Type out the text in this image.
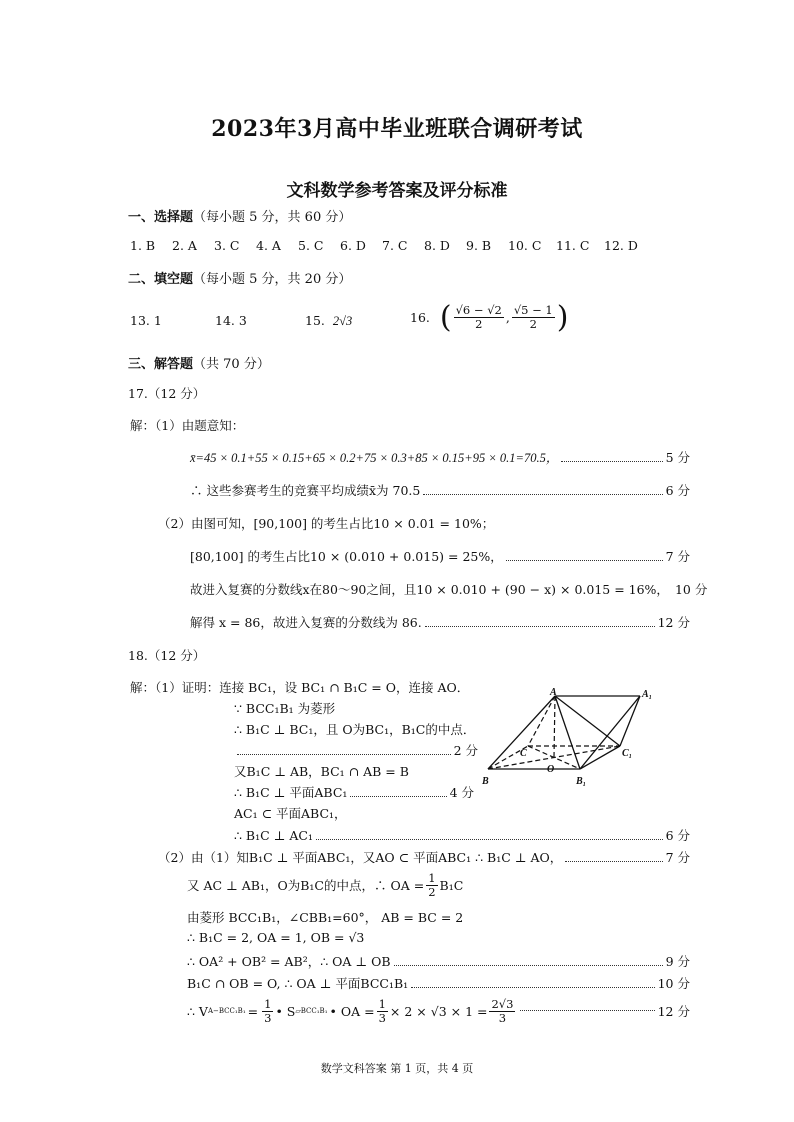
2023年3月高中毕业班联合调研考试
文科数学参考答案及评分标准
一、选择题（每小题 5 分，共 60 分）
1. B	2. A	3. C	4. A	5. C	6. D	7. C	8. D	9. B	10. C	11. C	12. D
二、填空题（每小题 5 分，共 20 分）
13. 1	14. 3	15. 2√3	16. ( $\frac{√6 - √2}{2}$ , $\frac{√5 - 1}{2}$ )
三、解答题（共 70 分）
17.（12 分）
解：（1）由题意知：
x̄=45 × 0.1+55 × 0.15+65 × 0.2+75 × 0.3+85 × 0.15+95 × 0.1=70.5，	5 分
∴ 这些参赛考生的竞赛平均成绩x̄为 70.5	6 分
（2）由图可知，[90,100] 的考生占比10 × 0.01 = 10%；
[80,100] 的考生占比10 × (0.010 + 0.015) = 25%，	7 分
故进入复赛的分数线x在80～90之间，且10 × 0.010 + (90 − x) × 0.015 = 16%， 10 分
解得 x = 86，故进入复赛的分数线为 86.	12 分
18.（12 分）
解：（1）证明：连接 BC₁，设 BC₁ ∩ B₁C = O，连接 AO．
∵ BCC₁B₁ 为菱形
∴ B₁C ⊥ BC₁，且 O为BC₁，B₁C的中点．
2 分
又B₁C ⊥ AB，BC₁ ∩ AB = B
∴ B₁C ⊥ 平面ABC₁	4 分
AC₁ ⊂ 平面ABC₁，
∴ B₁C ⊥ AC₁	6 分
A	A₁
B	B₁
C	C₁
O
（2）由（1）知B₁C ⊥ 平面ABC₁，又AO ⊂ 平面ABC₁ ∴ B₁C ⊥ AO，	7 分
又 AC ⊥ AB₁，O为B₁C的中点，∴ OA = $\frac{1}{2} B_1C$
由菱形 BCC₁B₁，∠CBB₁=60°， AB = BC = 2
∴ B₁C = 2, OA = 1, OB = √3
∴ OA² + OB² = AB²，∴ OA ⊥ OB	9 分
B₁C ∩ OB = O, ∴ OA ⊥ 平面BCC₁B₁	10 分
∴ V $A-BCC_1B_1 = \frac{1}{3}$ • S ▱BCC₁B₁ • OA = $\frac{1}{3} \times 2 \times √3 \times 1 = \frac{2√3}{3}$	12 分
数学文科答案 第 1 页，共 4 页
